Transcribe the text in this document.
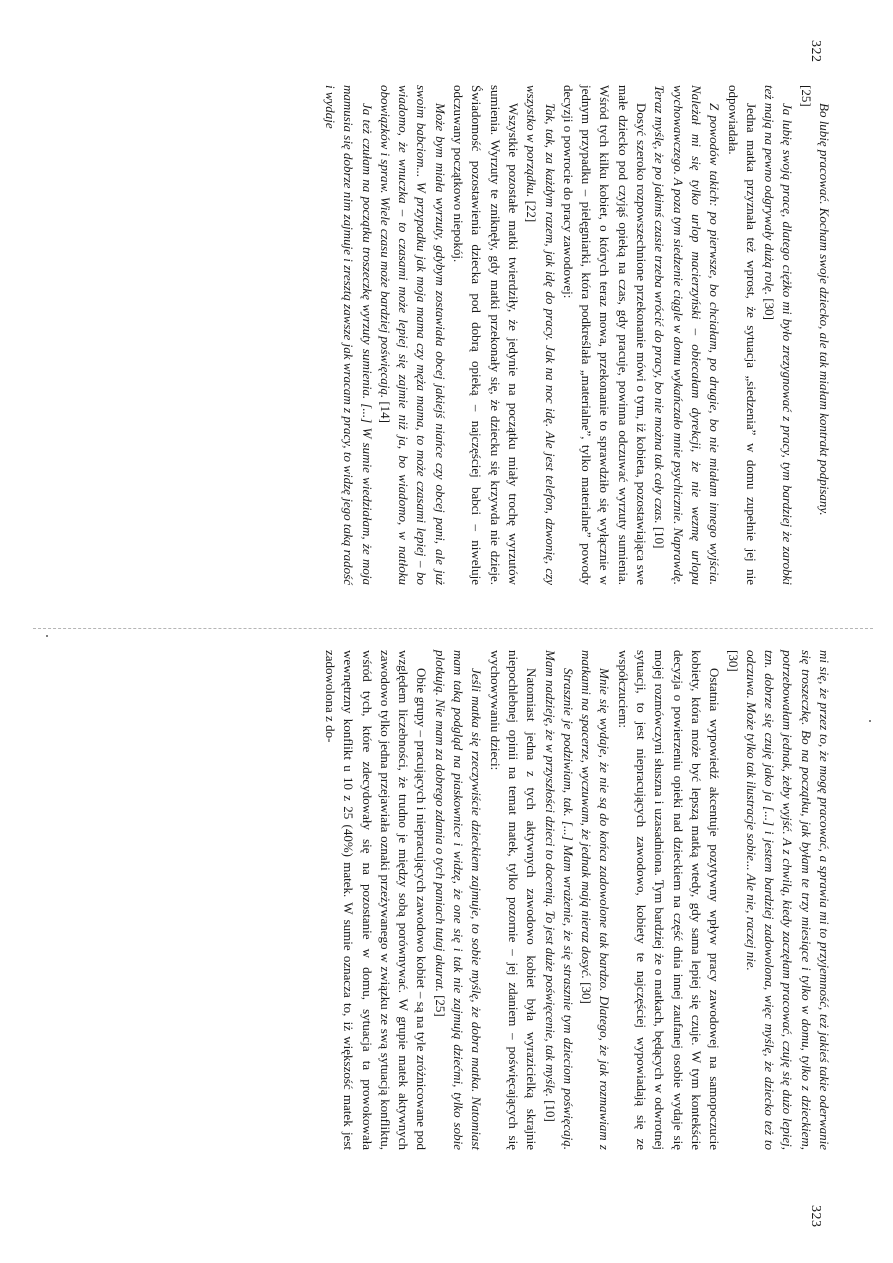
322

Bo lubię pracować. Kocham swoje dziecko, ale tak miałam kontrakt podpisany.

[25]

Ja lubię swoją pracę, dlatego ciężko mi było zrezygnować z pracy, tym bardziej że zarobki też mają na pewno odgrywały dużą rolę. [30]

Jedna matka przyznała też wprost, że sytuacja „siedzenia” w domu zupełnie jej nie odpowiadała.

Z powodów takich: po pierwsze, bo chciałam, po drugie, bo nie miałam innego wyjścia. Należał mi się tylko urlop macierzyński – obiecałam dyrekcji, że nie wezmę urlopu wychowawczego. A poza tym siedzenie ciągle w domu wykańczało mnie psychicznie. Naprawdę. Teraz myślę, że po jakimś czasie trzeba wrócić do pracy, bo nie można tak cały czas. [10]

Dosyć szeroko rozpowszechnione przekonanie mówi o tym, iż kobieta, pozostawiająca swe małe dziecko pod czyjąś opieką na czas, gdy pracuje, powinna odczuwać wyrzuty sumienia. Wśród tych kilku kobiet, o których teraz mowa, przekonanie to sprawdziło się wyłącznie w jednym przypadku – pielęgniarki, która podkreślała „materialne”, tylko materialne” powody decyzji o powrocie do pracy zawodowej:

Tak, tak, za każdym razem, jak idę do pracy. Jak na noc idę. Ale jest telefon, dzwonię, czy wszystko w porządku. [22]

Wszystkie pozostałe matki twierdziły, że jedynie na początku miały trochę wyrzutów sumienia. Wyrzuty te zniknęły, gdy matki przekonały się, że dziecku się krzywda nie dzieje. Świadomość pozostawienia dziecka pod dobrą opieką – najczęściej babci – niweluje odczuwany początkowo niepokój.

Może bym miała wyrzuty, gdybym zostawiała obcej jakiejś niańce czy obcej pani, ale już swoim babciom... W przypadku jak moja mama czy męża mama, to może czasami lepiej – bo wiadomo, że wnuczka – to czasami może lepiej się zajmie niż ja, bo wiadomo, w natłoku obowiązków i spraw. Wiele czasu może bardziej poświęcają. [14]

Ja też czułam na początku troszeczkę wyrzuty sumienia. [...] W sumie wiedziałam, że moja mamusia się dobrze nim zajmuje i zresztą zawsze jak wracam z pracy, to widzę jego taką radość i wydaje

mi się, że przez to, że mogę pracować, a sprawia mi to przyjemność, też jakieś takie oderwanie się troszeczkę. Bo na początku, jak byłam te trzy miesiące i tylko w domu, tylko z dzieckiem, potrzebowałam jednak, żeby wyjść. A z chwilą, kiedy zaczęłam pracować, czuję się dużo lepiej, tzn. dobrze się czuję jako ja [...] i jestem bardziej zadowolona, więc myślę, że dziecko też to odczuwa. Może tylko tak ilustracje sobie... Ale nie, raczej nie.

[30]

Ostatnia wypowiedź akcentuje pozytywny wpływ pracy zawodowej na samopoczucie kobiety, która może być lepszą matką wtedy, gdy sama lepiej się czuje. W tym kontekście decyzja o powierzeniu opieki nad dzieckiem na część dnia innej zaufanej osobie wydaje się mojej rozmówczyni słuszna i uzasadniona. Tym bardziej że o matkach, będących w odwrotnej sytuacji, to jest niepracujących zawodowo, kobiety te najczęściej wypowiadają się ze współczuciem:

Mnie się wydaje, że nie są do końca zadowolone tak bardzo. Dlatego, że jak rozmawiam z matkami na spacerze, wyczuwam, że jednak mają nieraz dosyć. [30]

Strasznie je podziwiam, tak. [...] Mam wrażenie, że się strasznie tym dzieciom poświęcają. Mam nadzieję, że w przyszłości dzieci to docenią. To jest duże poświęcenie, tak myślę. [10]

Natomiast jedna z tych aktywnych zawodowo kobiet była wyrazicielką skrajnie niepochlebnej opinii na temat matek, tylko pozornie – jej zdaniem – poświęcających się wychowywaniu dzieci:

Jeśli matka się rzeczywiście dzieckiem zajmuje, to sobie myślę, że dobra matka. Natomiast mam taką podgląd na piaskownice i widzę, że one się i tak nie zajmują dziećmi, tylko sobie plotkują. Nie mam za dobrego zdania o tych paniach tutaj akurat. [25]

Obie grupy – pracujących i niepracujących zawodowo kobiet – są na tyle zróżnicowane pod względem liczebności, że trudno je między sobą porównywać. W grupie matek aktywnych zawodowo tylko jedna przejawiała oznaki przeżywanego w związku ze swą sytuacją konfliktu, wśród tych, które zdecydowały się na pozostanie w domu, sytuacja ta prowokowała wewnętrzny konflikt u 10 z 25 (40%) matek. W sumie oznacza to, iż większość matek jest zadowolona z do-

323
